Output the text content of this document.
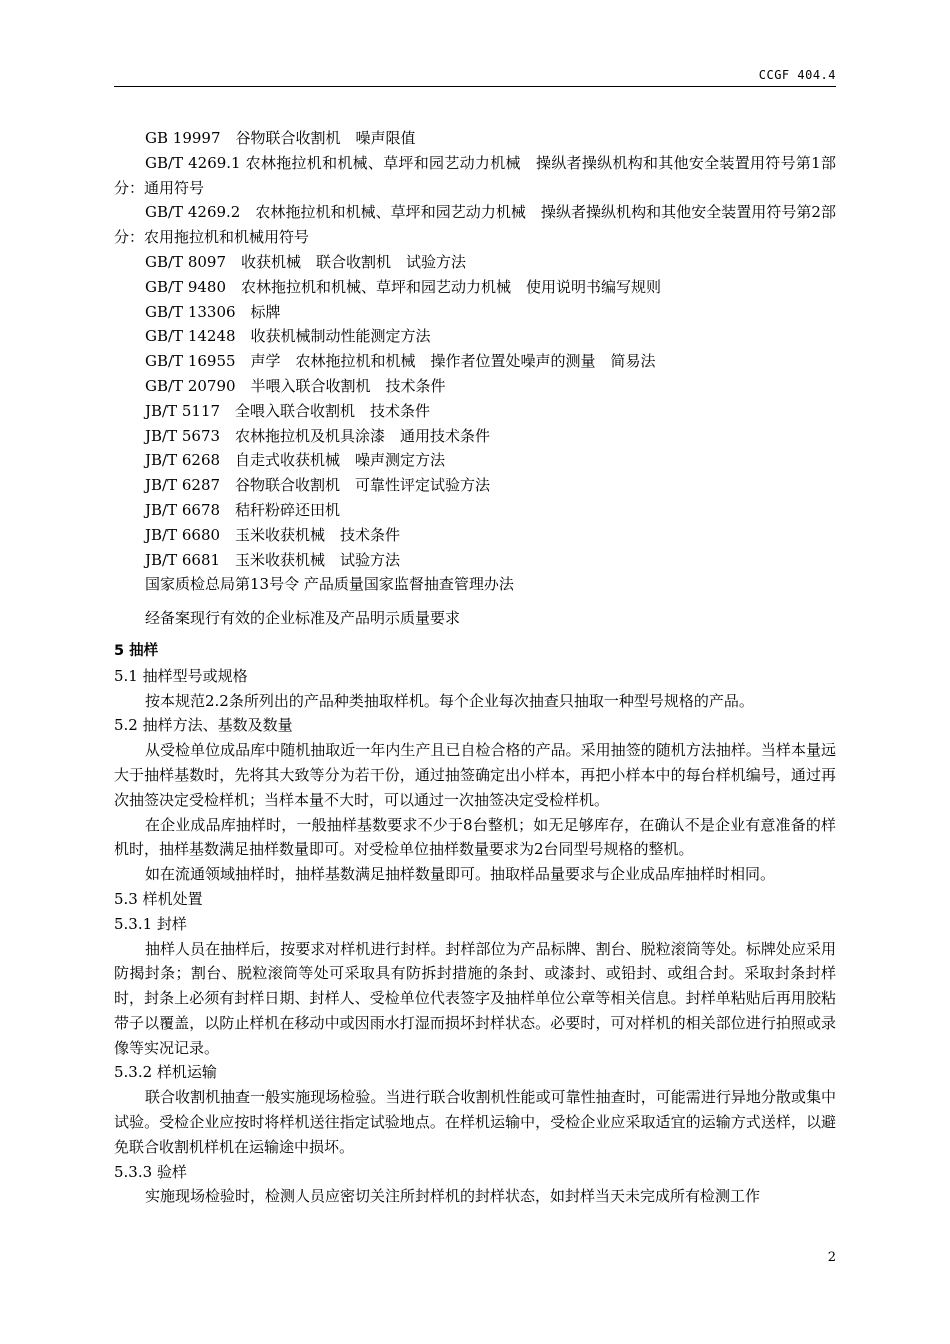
CCGF 404.4
GB 19997　谷物联合收割机　噪声限值
GB/T 4269.1 农林拖拉机和机械、草坪和园艺动力机械　操纵者操纵机构和其他安全装置用符号第1部分：通用符号
GB/T 4269.2　农林拖拉机和机械、草坪和园艺动力机械　操纵者操纵机构和其他安全装置用符号第2部分：农用拖拉机和机械用符号
GB/T 8097　收获机械　联合收割机　试验方法
GB/T 9480　农林拖拉机和机械、草坪和园艺动力机械　使用说明书编写规则
GB/T 13306　标牌
GB/T 14248　收获机械制动性能测定方法
GB/T 16955　声学　农林拖拉机和机械　操作者位置处噪声的测量　简易法
GB/T 20790　半喂入联合收割机　技术条件
JB/T 5117　全喂入联合收割机　技术条件
JB/T 5673　农林拖拉机及机具涂漆　通用技术条件
JB/T 6268　自走式收获机械　噪声测定方法
JB/T 6287　谷物联合收割机　可靠性评定试验方法
JB/T 6678　秸秆粉碎还田机
JB/T 6680　玉米收获机械　技术条件
JB/T 6681　玉米收获机械　试验方法
国家质检总局第13号令 产品质量国家监督抽查管理办法
经备案现行有效的企业标准及产品明示质量要求
5 抽样
5.1 抽样型号或规格
按本规范2.2条所列出的产品种类抽取样机。每个企业每次抽查只抽取一种型号规格的产品。
5.2 抽样方法、基数及数量
从受检单位成品库中随机抽取近一年内生产且已自检合格的产品。采用抽签的随机方法抽样。当样本量远大于抽样基数时，先将其大致等分为若干份，通过抽签确定出小样本，再把小样本中的每台样机编号，通过再次抽签决定受检样机；当样本量不大时，可以通过一次抽签决定受检样机。
在企业成品库抽样时，一般抽样基数要求不少于8台整机；如无足够库存，在确认不是企业有意准备的样机时，抽样基数满足抽样数量即可。对受检单位抽样数量要求为2台同型号规格的整机。
如在流通领域抽样时，抽样基数满足抽样数量即可。抽取样品量要求与企业成品库抽样时相同。
5.3 样机处置
5.3.1 封样
抽样人员在抽样后，按要求对样机进行封样。封样部位为产品标牌、割台、脱粒滚筒等处。标牌处应采用防揭封条；割台、脱粒滚筒等处可采取具有防拆封措施的条封、或漆封、或铅封、或组合封。采取封条封样时，封条上必须有封样日期、封样人、受检单位代表签字及抽样单位公章等相关信息。封样单粘贴后再用胶粘带子以覆盖，以防止样机在移动中或因雨水打湿而损坏封样状态。必要时，可对样机的相关部位进行拍照或录像等实况记录。
5.3.2 样机运输
联合收割机抽查一般实施现场检验。当进行联合收割机性能或可靠性抽查时，可能需进行异地分散或集中试验。受检企业应按时将样机送往指定试验地点。在样机运输中，受检企业应采取适宜的运输方式送样，以避免联合收割机样机在运输途中损坏。
5.3.3 验样
实施现场检验时，检测人员应密切关注所封样机的封样状态，如封样当天未完成所有检测工作
2
